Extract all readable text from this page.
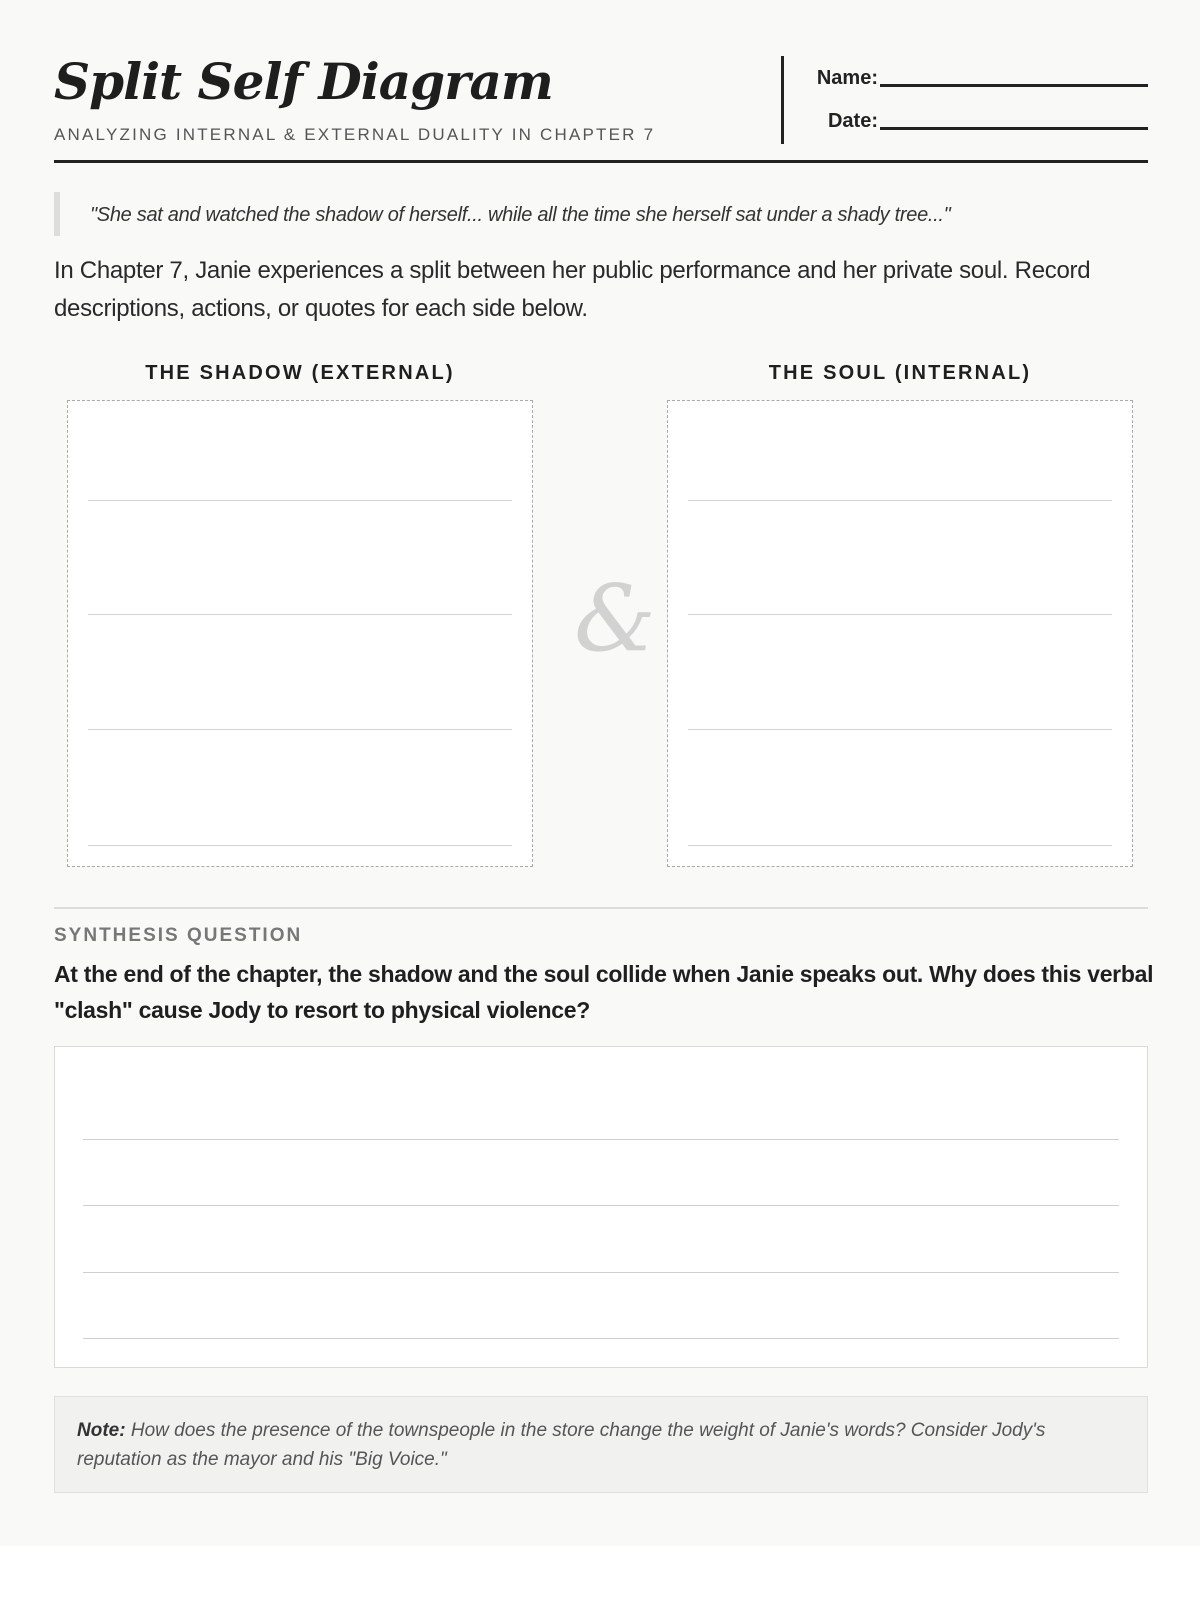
Split Self Diagram
ANALYZING INTERNAL & EXTERNAL DUALITY IN CHAPTER 7
Name:
Date:
"She sat and watched the shadow of herself... while all the time she herself sat under a shady tree..."
In Chapter 7, Janie experiences a split between her public performance and her private soul. Record descriptions, actions, or quotes for each side below.
THE SHADOW (EXTERNAL)	THE SOUL (INTERNAL)
&
SYNTHESIS QUESTION
At the end of the chapter, the shadow and the soul collide when Janie speaks out. Why does this verbal "clash" cause Jody to resort to physical violence?
Note: How does the presence of the townspeople in the store change the weight of Janie's words? Consider Jody's reputation as the mayor and his "Big Voice."
